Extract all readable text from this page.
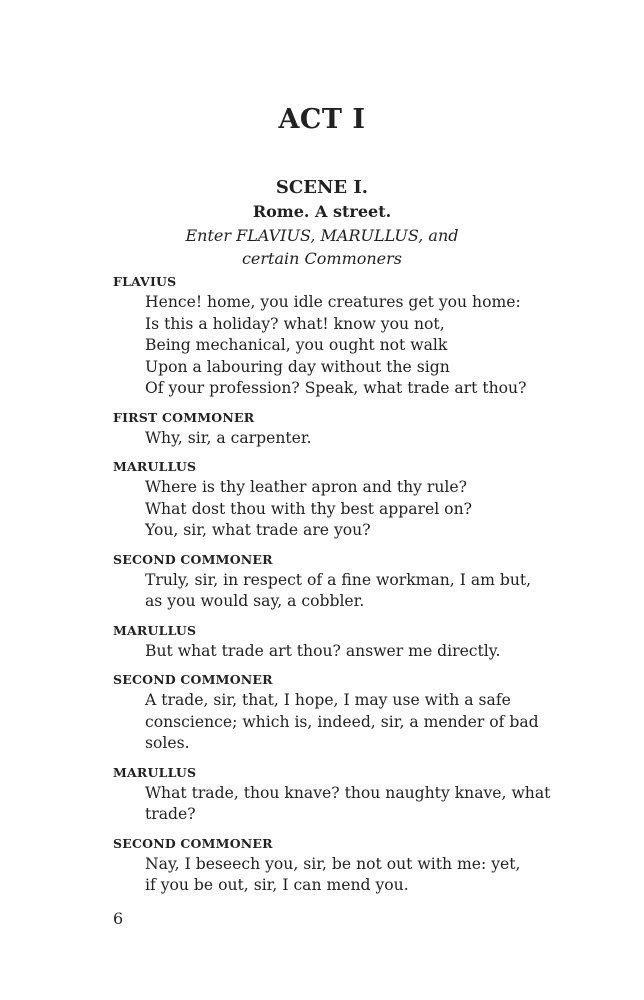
ACT I
SCENE I.
Rome. A street.
Enter FLAVIUS, MARULLUS, and certain Commoners
FLAVIUS
Hence! home, you idle creatures get you home:
Is this a holiday? what! know you not,
Being mechanical, you ought not walk
Upon a labouring day without the sign
Of your profession? Speak, what trade art thou?
FIRST COMMONER
Why, sir, a carpenter.
MARULLUS
Where is thy leather apron and thy rule?
What dost thou with thy best apparel on?
You, sir, what trade are you?
SECOND COMMONER
Truly, sir, in respect of a fine workman, I am but,
as you would say, a cobbler.
MARULLUS
But what trade art thou? answer me directly.
SECOND COMMONER
A trade, sir, that, I hope, I may use with a safe
conscience; which is, indeed, sir, a mender of bad
soles.
MARULLUS
What trade, thou knave? thou naughty knave, what
trade?
SECOND COMMONER
Nay, I beseech you, sir, be not out with me: yet,
if you be out, sir, I can mend you.
6
